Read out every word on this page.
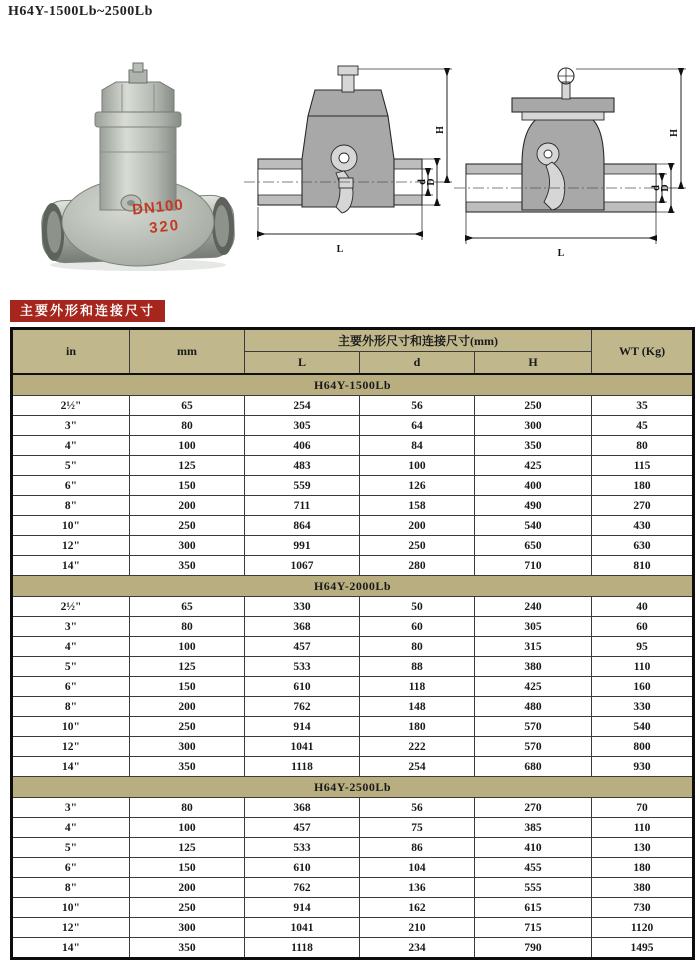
H64Y-1500Lb~2500Lb
DN100
320
H
d
D
L
H
d
D
L
主要外形和连接尺寸
in	mm	主要外形尺寸和连接尺寸(mm)			WT (Kg)
		L	d	H	
H64Y-1500Lb					
2½"	65	254	56	250	35
3"	80	305	64	300	45
4"	100	406	84	350	80
5"	125	483	100	425	115
6"	150	559	126	400	180
8"	200	711	158	490	270
10"	250	864	200	540	430
12"	300	991	250	650	630
14"	350	1067	280	710	810
H64Y-2000Lb					
2½"	65	330	50	240	40
3"	80	368	60	305	60
4"	100	457	80	315	95
5"	125	533	88	380	110
6"	150	610	118	425	160
8"	200	762	148	480	330
10"	250	914	180	570	540
12"	300	1041	222	570	800
14"	350	1118	254	680	930
H64Y-2500Lb					
3"	80	368	56	270	70
4"	100	457	75	385	110
5"	125	533	86	410	130
6"	150	610	104	455	180
8"	200	762	136	555	380
10"	250	914	162	615	730
12"	300	1041	210	715	1120
14"	350	1118	234	790	1495
